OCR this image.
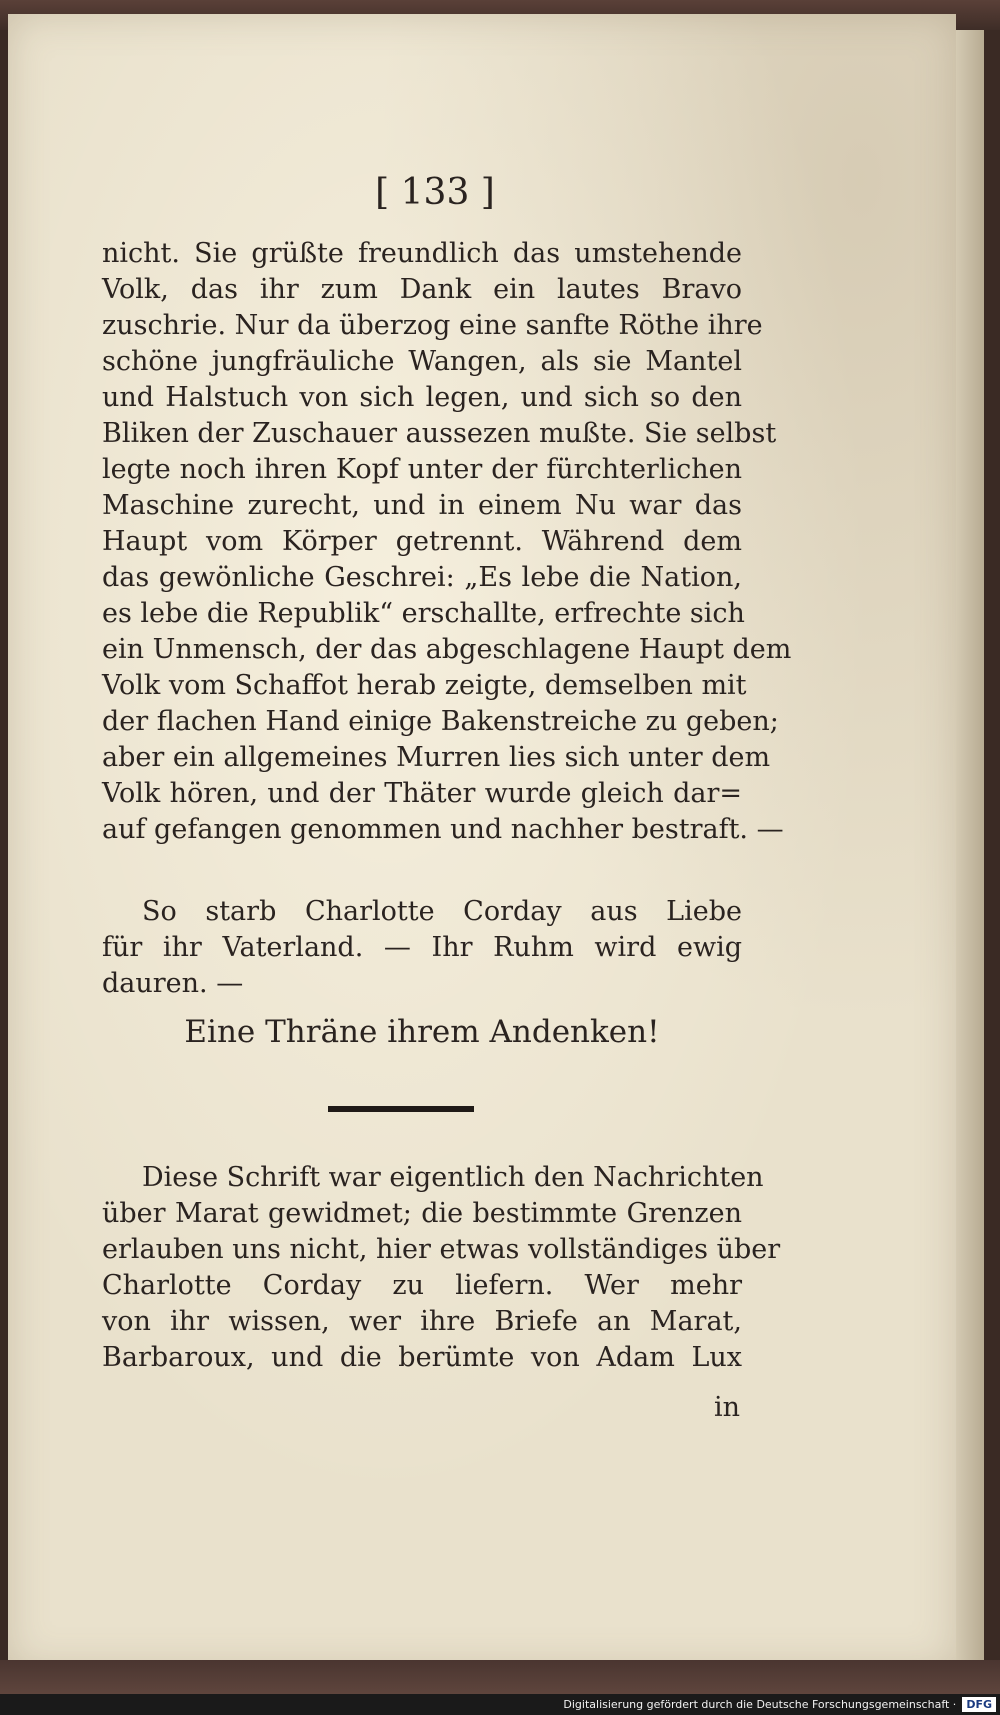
[ 133 ]
nicht. Sie grüßte freundlich das umstehende
Volk, das ihr zum Dank ein lautes Bravo
zuschrie. Nur da überzog eine sanfte Röthe ihre
schöne jungfräuliche Wangen, als sie Mantel
und Halstuch von sich legen, und sich so den
Bliken der Zuschauer aussezen mußte. Sie selbst
legte noch ihren Kopf unter der fürchterlichen
Maschine zurecht, und in einem Nu war das
Haupt vom Körper getrennt. Während dem
das gewönliche Geschrei: „Es lebe die Nation,
es lebe die Republik“ erschallte, erfrechte sich
ein Unmensch, der das abgeschlagene Haupt dem
Volk vom Schaffot herab zeigte, demselben mit
der flachen Hand einige Bakenstreiche zu geben;
aber ein allgemeines Murren lies sich unter dem
Volk hören, und der Thäter wurde gleich dar=
auf gefangen genommen und nachher bestraft. —
So starb Charlotte Corday aus Liebe
für ihr Vaterland. — Ihr Ruhm wird ewig
dauren. —
Eine Thräne ihrem Andenken!
Diese Schrift war eigentlich den Nachrichten
über Marat gewidmet; die bestimmte Grenzen
erlauben uns nicht, hier etwas vollständiges über
Charlotte Corday zu liefern. Wer mehr
von ihr wissen, wer ihre Briefe an Marat,
Barbaroux, und die berümte von Adam Lux
in
Digitalisierung gefördert durch die Deutsche Forschungsgemeinschaft · DFG
